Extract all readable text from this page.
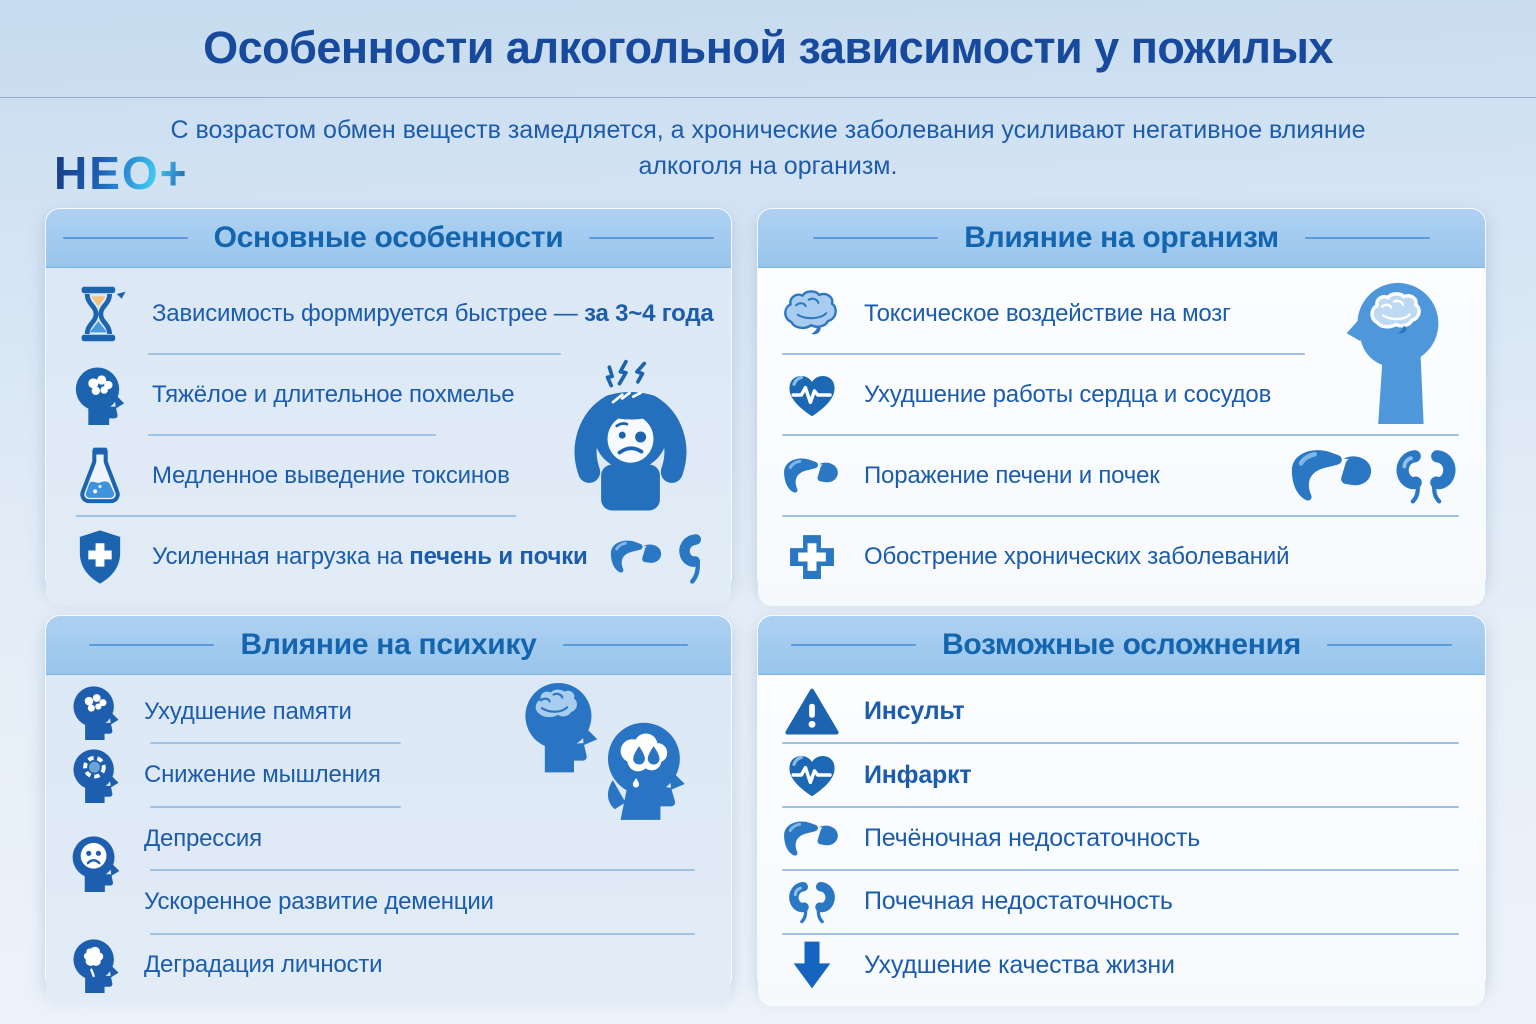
Особенности алкогольной зависимости у пожилых

С возрастом обмен веществ замедляется, а хронические заболевания усиливают негативное влияние
алкоголя на организм.

НЕО+
Основные особенности
Зависимость формируется быстрее — за 3~4 года
Тяжёлое и длительное похмелье
Медленное выведение токсинов
Усиленная нагрузка на печень и почки
Влияние на организм
Токсическое воздействие на мозг
Ухудшение работы сердца и сосудов
Поражение печени и почек
Обострение хронических заболеваний
Влияние на психику
Ухудшение памяти
Снижение мышления
Депрессия
Ускоренное развитие деменции
Деградация личности
Возможные осложнения
Инсульт
Инфаркт
Печёночная недостаточность
Почечная недостаточность
Ухудшение качества жизни
